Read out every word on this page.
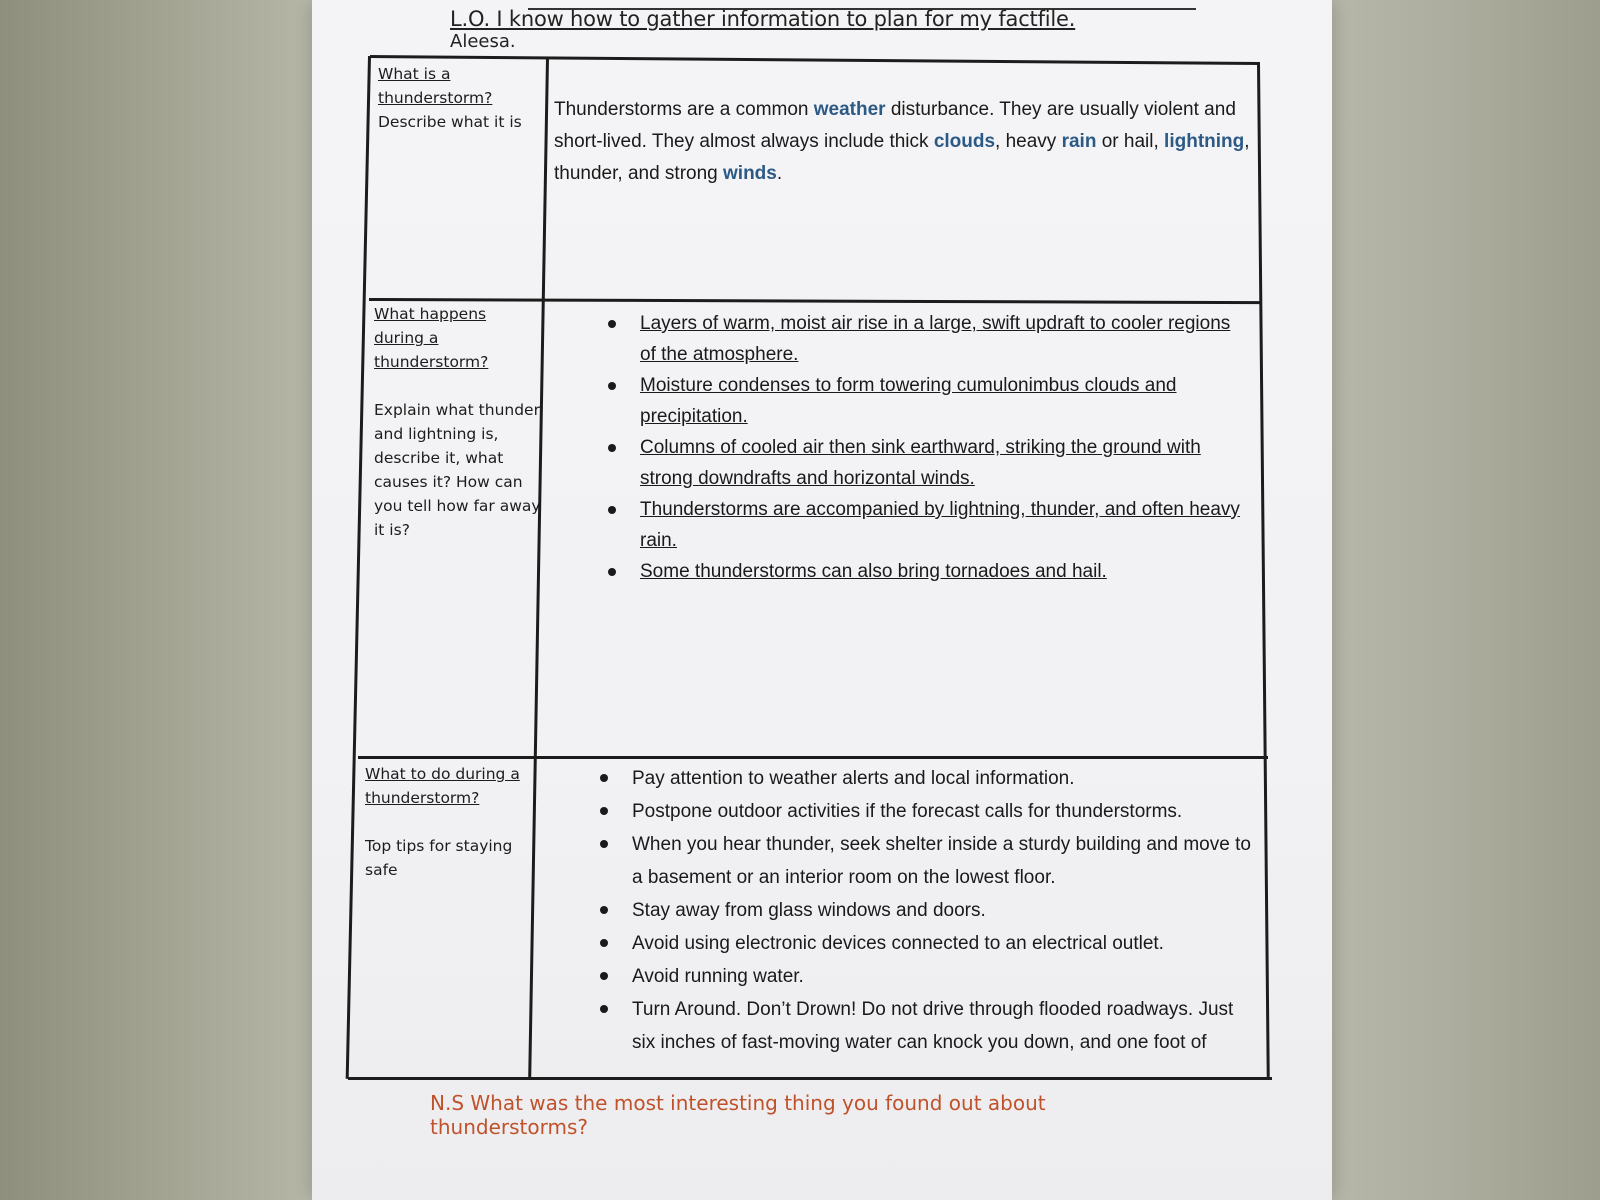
L.O. I know how to gather information to plan for my factfile.
Aleesa.
What is a thunderstorm?
Describe what it is
Thunderstorms are a common weather disturbance. They are usually violent and short-lived. They almost always include thick clouds, heavy rain or hail, lightning, thunder, and strong winds.
What happens during a thunderstorm?
Explain what thunder and lightning is, describe it, what causes it? How can you tell how far away it is?
Layers of warm, moist air rise in a large, swift updraft to cooler regions of the atmosphere.
Moisture condenses to form towering cumulonimbus clouds and precipitation.
Columns of cooled air then sink earthward, striking the ground with strong downdrafts and horizontal winds.
Thunderstorms are accompanied by lightning, thunder, and often heavy rain.
Some thunderstorms can also bring tornadoes and hail.
What to do during a thunderstorm?
Top tips for staying safe
Pay attention to weather alerts and local information.
Postpone outdoor activities if the forecast calls for thunderstorms.
When you hear thunder, seek shelter inside a sturdy building and move to a basement or an interior room on the lowest floor.
Stay away from glass windows and doors.
Avoid using electronic devices connected to an electrical outlet.
Avoid running water.
Turn Around. Don’t Drown! Do not drive through flooded roadways. Just six inches of fast-moving water can knock you down, and one foot of
N.S What was the most interesting thing you found out about thunderstorms?
